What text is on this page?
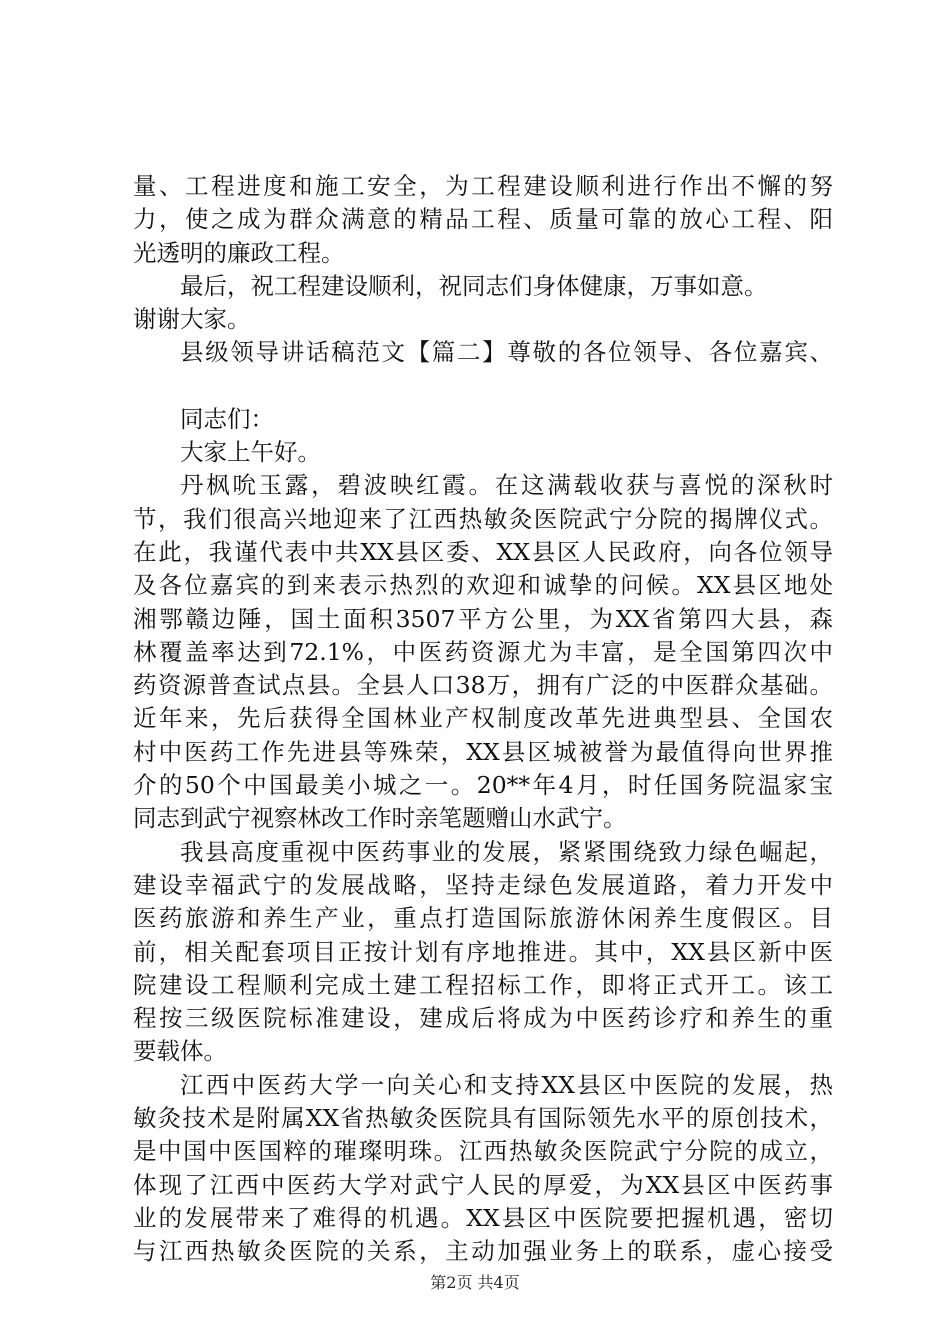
量、工程进度和施工安全，为工程建设顺利进行作出不懈的努
力，使之成为群众满意的精品工程、质量可靠的放心工程、阳
光透明的廉政工程。
最后，祝工程建设顺利，祝同志们身体健康，万事如意。
谢谢大家。
县级领导讲话稿范文【篇二】尊敬的各位领导、各位嘉宾、
同志们：
大家上午好。
丹枫吮玉露，碧波映红霞。在这满载收获与喜悦的深秋时
节，我们很高兴地迎来了江西热敏灸医院武宁分院的揭牌仪式。
在此，我谨代表中共XX县区委、XX县区人民政府，向各位领导
及各位嘉宾的到来表示热烈的欢迎和诚挚的问候。XX县区地处
湘鄂赣边陲，国土面积3507平方公里，为XX省第四大县，森
林覆盖率达到72.1%，中医药资源尤为丰富，是全国第四次中
药资源普查试点县。全县人口38万，拥有广泛的中医群众基础。
近年来，先后获得全国林业产权制度改革先进典型县、全国农
村中医药工作先进县等殊荣，XX县区城被誉为最值得向世界推
介的50个中国最美小城之一。20**年4月，时任国务院温家宝
同志到武宁视察林改工作时亲笔题赠山水武宁。
我县高度重视中医药事业的发展，紧紧围绕致力绿色崛起，
建设幸福武宁的发展战略，坚持走绿色发展道路，着力开发中
医药旅游和养生产业，重点打造国际旅游休闲养生度假区。目
前，相关配套项目正按计划有序地推进。其中，XX县区新中医
院建设工程顺利完成土建工程招标工作，即将正式开工。该工
程按三级医院标准建设，建成后将成为中医药诊疗和养生的重
要载体。
江西中医药大学一向关心和支持XX县区中医院的发展，热
敏灸技术是附属XX省热敏灸医院具有国际领先水平的原创技术，
是中国中医国粹的璀璨明珠。江西热敏灸医院武宁分院的成立，
体现了江西中医药大学对武宁人民的厚爱，为XX县区中医药事
业的发展带来了难得的机遇。XX县区中医院要把握机遇，密切
与江西热敏灸医院的关系，主动加强业务上的联系，虚心接受
第2页 共4页
